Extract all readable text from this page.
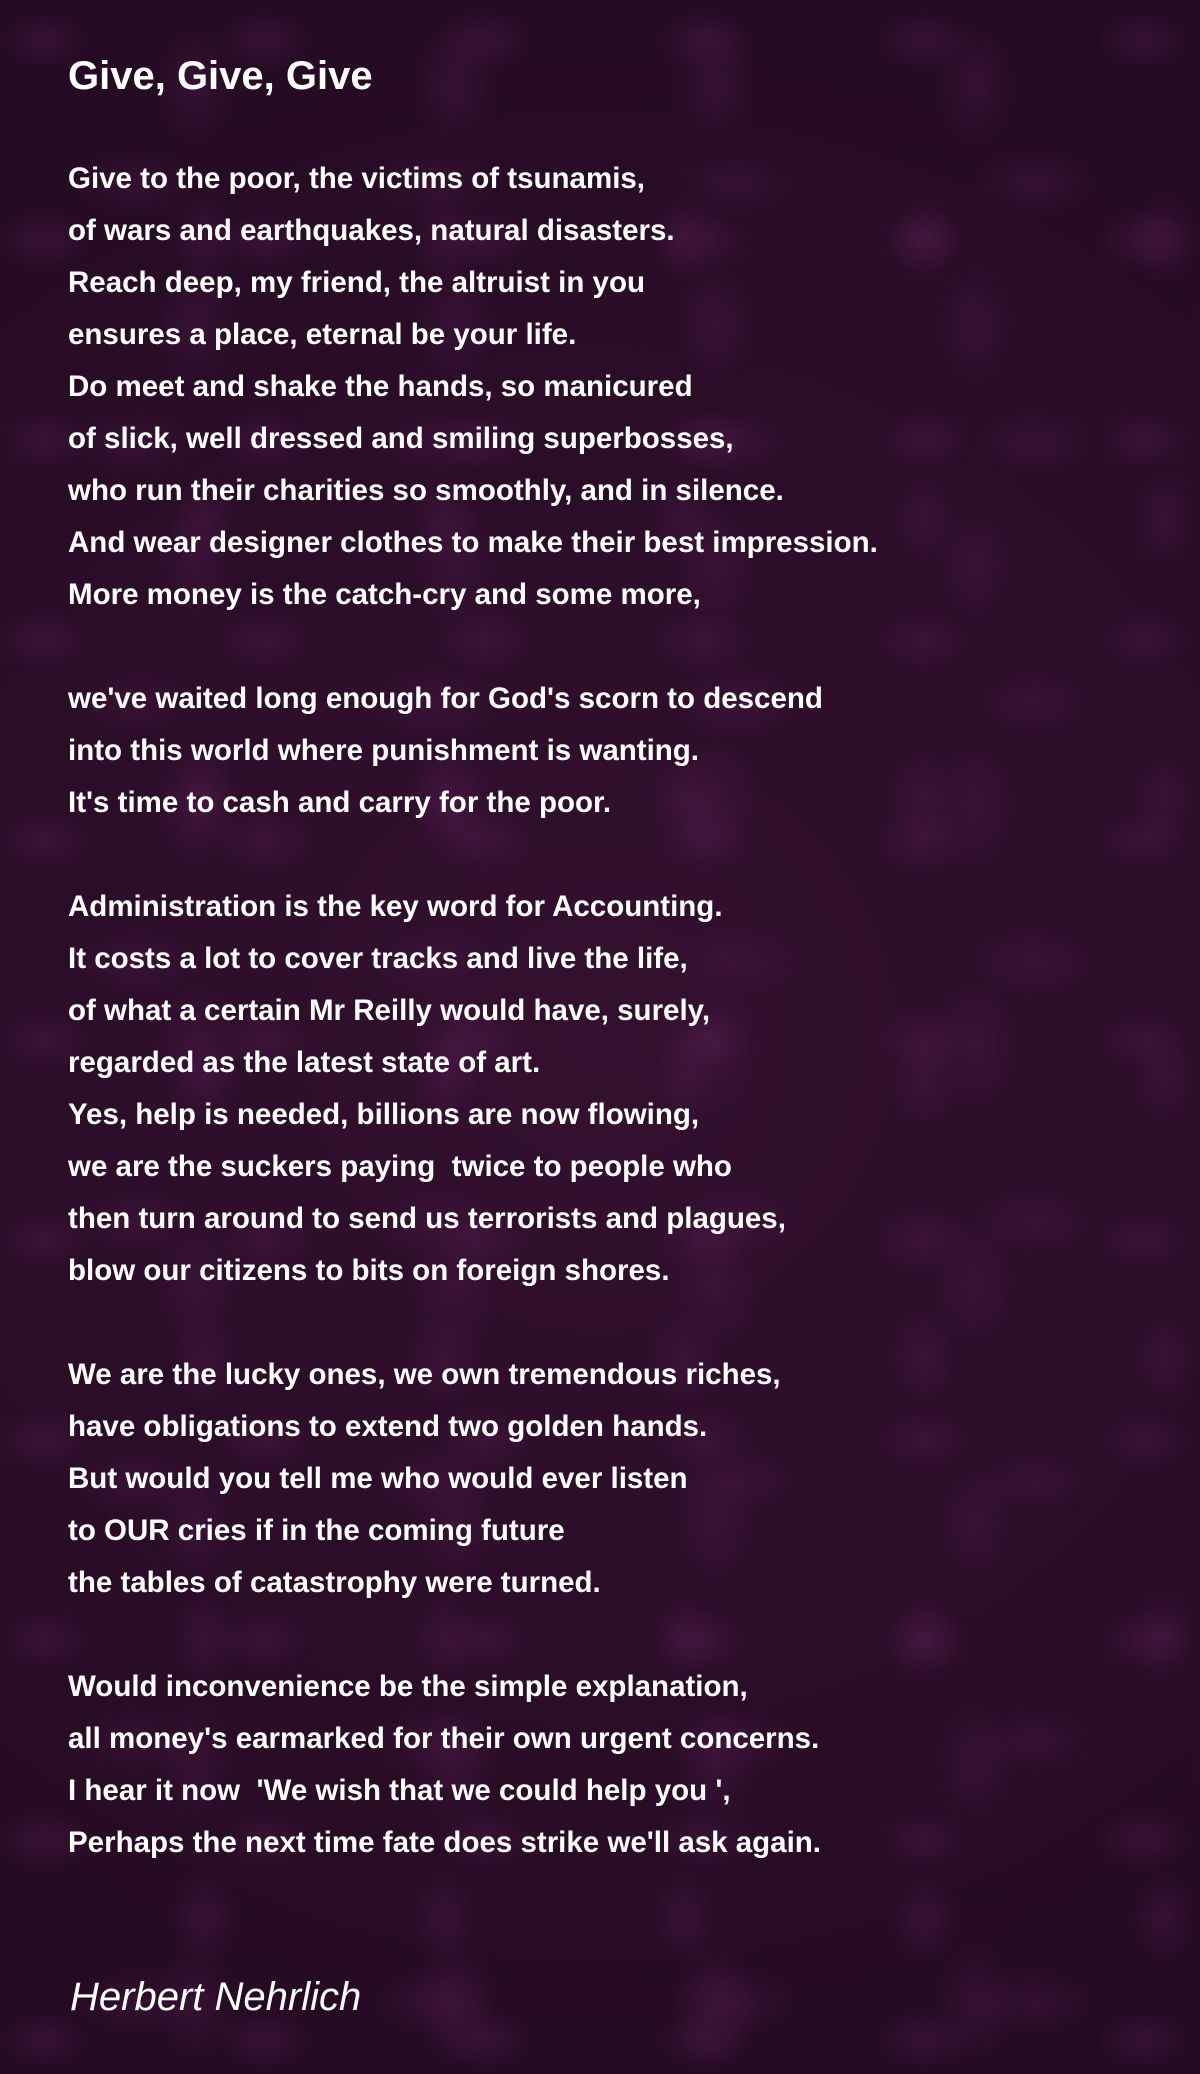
Give, Give, Give
Give to the poor, the victims of tsunamis,
of wars and earthquakes, natural disasters.
Reach deep, my friend, the altruist in you
ensures a place, eternal be your life.
Do meet and shake the hands, so manicured
of slick, well dressed and smiling superbosses,
who run their charities so smoothly, and in silence.
And wear designer clothes to make their best impression.
More money is the catch-cry and some more,
we've waited long enough for God's scorn to descend
into this world where punishment is wanting.
It's time to cash and carry for the poor.
Administration is the key word for Accounting.
It costs a lot to cover tracks and live the life,
of what a certain Mr Reilly would have, surely,
regarded as the latest state of art.
Yes, help is needed, billions are now flowing,
we are the suckers paying  twice to people who
then turn around to send us terrorists and plagues,
blow our citizens to bits on foreign shores.
We are the lucky ones, we own tremendous riches,
have obligations to extend two golden hands.
But would you tell me who would ever listen
to OUR cries if in the coming future
the tables of catastrophy were turned.
Would inconvenience be the simple explanation,
all money's earmarked for their own urgent concerns.
I hear it now  'We wish that we could help you ',
Perhaps the next time fate does strike we'll ask again.

Herbert Nehrlich
